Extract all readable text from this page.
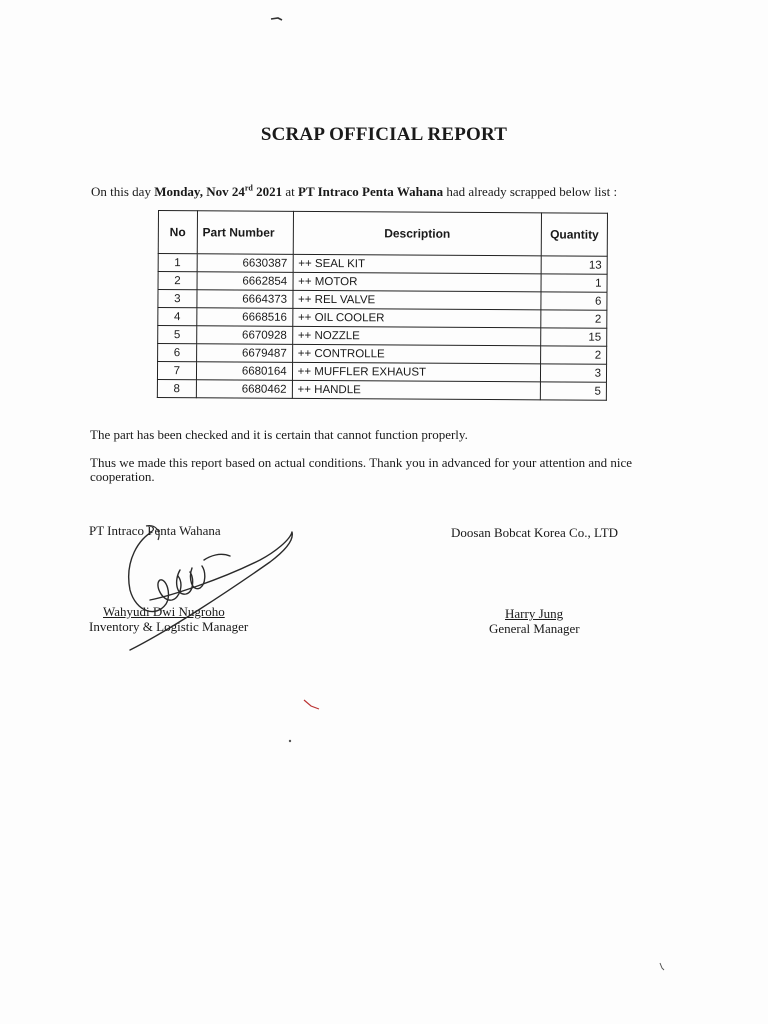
SCRAP OFFICIAL REPORT
On this day Monday, Nov 24rd 2021 at PT Intraco Penta Wahana had already scrapped below list :
No	Part Number	Description	Quantity
1	6630387	++ SEAL KIT	13
2	6662854	++ MOTOR	1
3	6664373	++ REL VALVE	6
4	6668516	++ OIL COOLER	2
5	6670928	++ NOZZLE	15
6	6679487	++ CONTROLLE	2
7	6680164	++ MUFFLER EXHAUST	3
8	6680462	++ HANDLE	5
The part has been checked and it is certain that cannot function properly.
Thus we made this report based on actual conditions. Thank you in advanced for your attention and nice cooperation.
PT Intraco Penta Wahana	Doosan Bobcat Korea Co., LTD
Wahyudi Dwi Nugroho
Inventory & Logistic Manager
Harry Jung
General Manager
